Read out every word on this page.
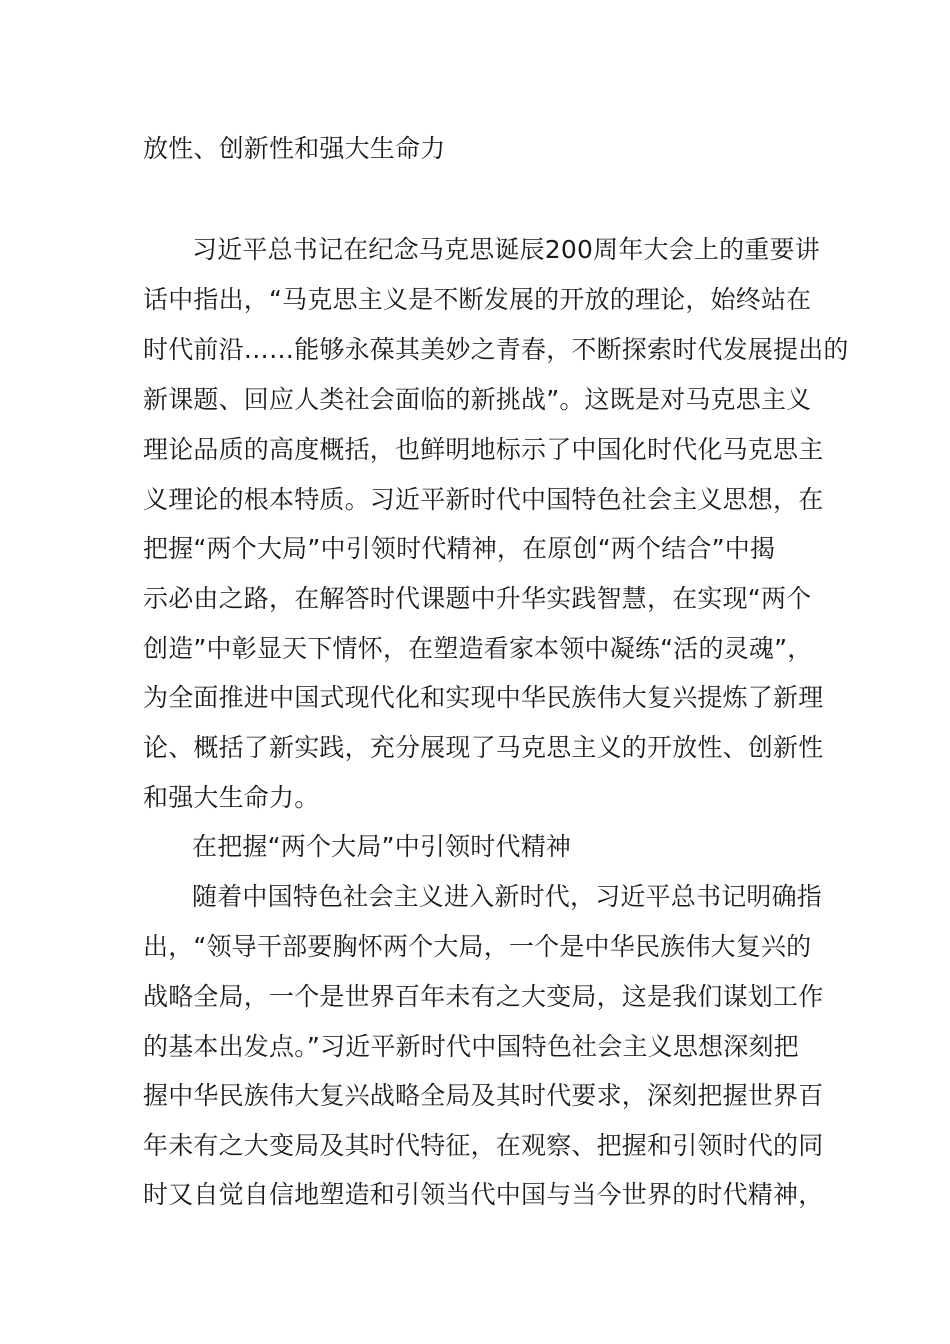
放性、创新性和强大生命力
习近平总书记在纪念马克思诞辰200周年大会上的重要讲
话中指出，“马克思主义是不断发展的开放的理论，始终站在
时代前沿……能够永葆其美妙之青春，不断探索时代发展提出的
新课题、回应人类社会面临的新挑战”。这既是对马克思主义
理论品质的高度概括，也鲜明地标示了中国化时代化马克思主
义理论的根本特质。习近平新时代中国特色社会主义思想，在
把握“两个大局”中引领时代精神，在原创“两个结合”中揭
示必由之路，在解答时代课题中升华实践智慧，在实现“两个
创造”中彰显天下情怀，在塑造看家本领中凝练“活的灵魂”，
为全面推进中国式现代化和实现中华民族伟大复兴提炼了新理
论、概括了新实践，充分展现了马克思主义的开放性、创新性
和强大生命力。
在把握“两个大局”中引领时代精神
随着中国特色社会主义进入新时代，习近平总书记明确指
出，“领导干部要胸怀两个大局，一个是中华民族伟大复兴的
战略全局，一个是世界百年未有之大变局，这是我们谋划工作
的基本出发点。”习近平新时代中国特色社会主义思想深刻把
握中华民族伟大复兴战略全局及其时代要求，深刻把握世界百
年未有之大变局及其时代特征，在观察、把握和引领时代的同
时又自觉自信地塑造和引领当代中国与当今世界的时代精神，
